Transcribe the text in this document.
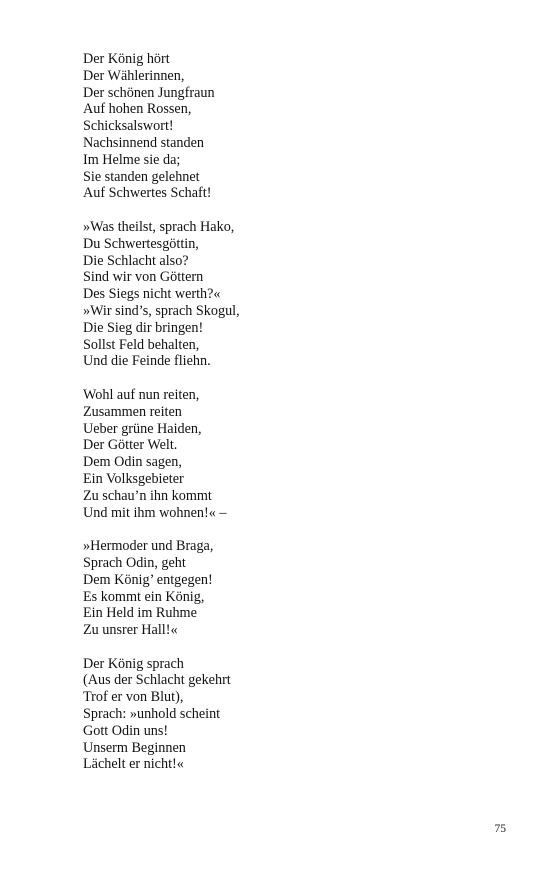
Der König hört
Der Wählerinnen,
Der schönen Jungfraun
Auf hohen Rossen,
Schicksalswort!
Nachsinnend standen
Im Helme sie da;
Sie standen gelehnet
Auf Schwertes Schaft!
»Was theilst, sprach Hako,
Du Schwertesgöttin,
Die Schlacht also?
Sind wir von Göttern
Des Siegs nicht werth?«
»Wir sind’s, sprach Skogul,
Die Sieg dir bringen!
Sollst Feld behalten,
Und die Feinde fliehn.
Wohl auf nun reiten,
Zusammen reiten
Ueber grüne Haiden,
Der Götter Welt.
Dem Odin sagen,
Ein Volksgebieter
Zu schau’n ihn kommt
Und mit ihm wohnen!« –
»Hermoder und Braga,
Sprach Odin, geht
Dem König’ entgegen!
Es kommt ein König,
Ein Held im Ruhme
Zu unsrer Hall!«
Der König sprach
(Aus der Schlacht gekehrt
Trof er von Blut),
Sprach: »unhold scheint
Gott Odin uns!
Unserm Beginnen
Lächelt er nicht!«
75
